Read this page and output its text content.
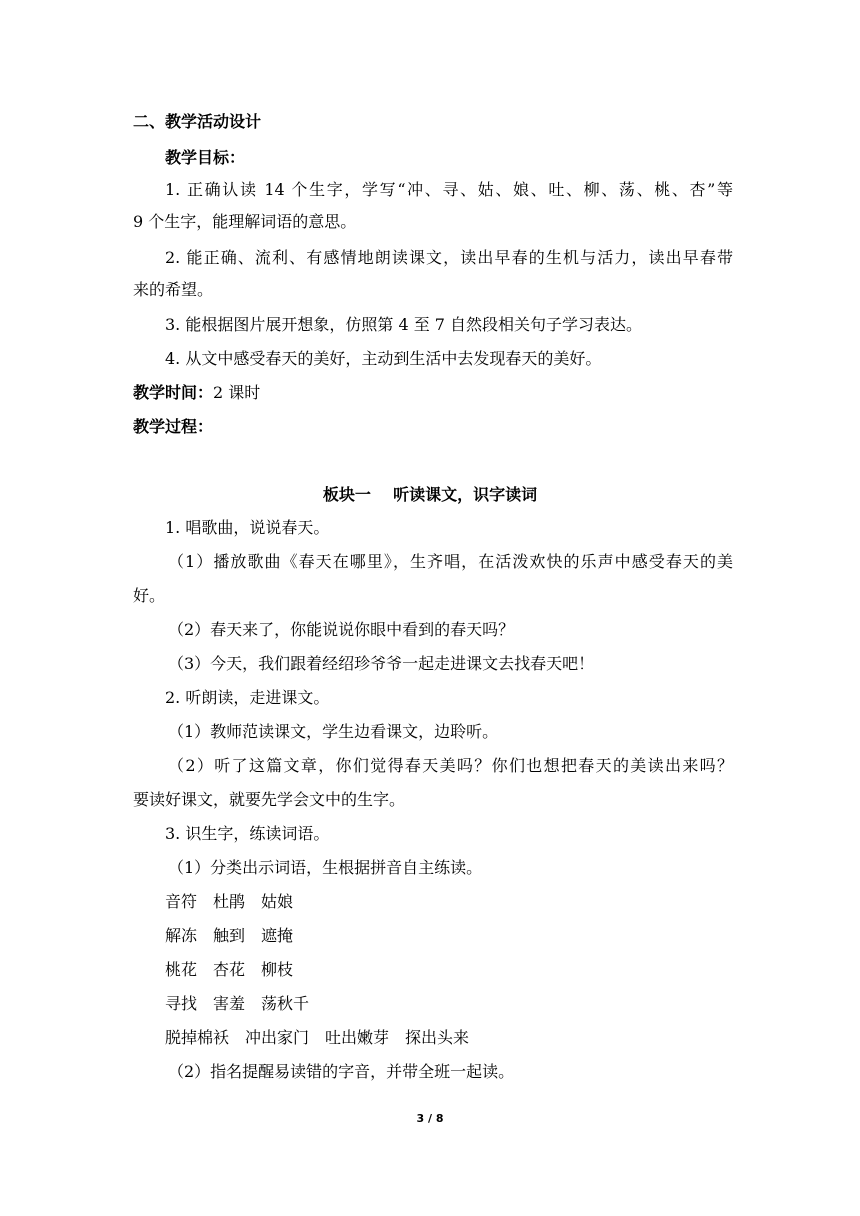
二、教学活动设计
教学目标：
1. 正确认读 14 个生字，学写“冲、寻、姑、娘、吐、柳、荡、桃、杏”等
9 个生字，能理解词语的意思。
2. 能正确、流利、有感情地朗读课文，读出早春的生机与活力，读出早春带
来的希望。
3. 能根据图片展开想象，仿照第 4 至 7 自然段相关句子学习表达。
4. 从文中感受春天的美好，主动到生活中去发现春天的美好。
教学时间：2 课时
教学过程：
板块一    听读课文，识字读词
1. 唱歌曲，说说春天。
（1）播放歌曲《春天在哪里》，生齐唱，在活泼欢快的乐声中感受春天的美
好。
（2）春天来了，你能说说你眼中看到的春天吗？
（3）今天，我们跟着经绍珍爷爷一起走进课文去找春天吧！
2. 听朗读，走进课文。
（1）教师范读课文，学生边看课文，边聆听。
（2）听了这篇文章，你们觉得春天美吗？你们也想把春天的美读出来吗？
要读好课文，就要先学会文中的生字。
3. 识生字，练读词语。
（1）分类出示词语，生根据拼音自主练读。
音符 杜鹃 姑娘
解冻 触到 遮掩
桃花 杏花 柳枝
寻找 害羞 荡秋千
脱掉棉袄 冲出家门 吐出嫩芽 探出头来
（2）指名提醒易读错的字音，并带全班一起读。
3 / 8
